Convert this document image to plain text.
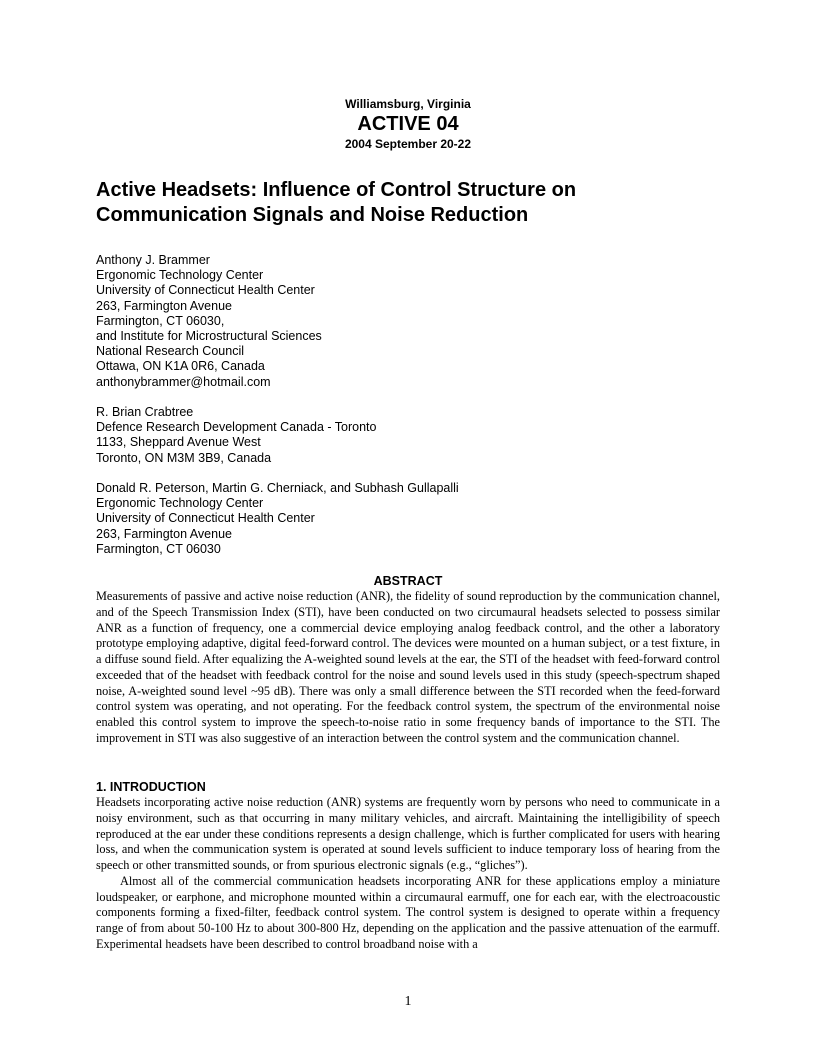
Williamsburg, Virginia
ACTIVE 04
2004 September 20-22
Active Headsets: Influence of Control Structure on
Communication Signals and Noise Reduction
Anthony J. Brammer
Ergonomic Technology Center
University of Connecticut Health Center
263, Farmington Avenue
Farmington, CT 06030,
and Institute for Microstructural Sciences
National Research Council
Ottawa, ON K1A 0R6, Canada
anthonybrammer@hotmail.com
R. Brian Crabtree
Defence Research Development Canada - Toronto
1133, Sheppard Avenue West
Toronto, ON M3M 3B9, Canada
Donald R. Peterson, Martin G. Cherniack, and Subhash Gullapalli
Ergonomic Technology Center
University of Connecticut Health Center
263, Farmington Avenue
Farmington, CT 06030
ABSTRACT
Measurements of passive and active noise reduction (ANR), the fidelity of sound reproduction by the communication channel, and of the Speech Transmission Index (STI), have been conducted on two circumaural headsets selected to possess similar ANR as a function of frequency, one a commercial device employing analog feedback control, and the other a laboratory prototype employing adaptive, digital feed-forward control. The devices were mounted on a human subject, or a test fixture, in a diffuse sound field. After equalizing the A-weighted sound levels at the ear, the STI of the headset with feed-forward control exceeded that of the headset with feedback control for the noise and sound levels used in this study (speech-spectrum shaped noise, A-weighted sound level ~95 dB). There was only a small difference between the STI recorded when the feed-forward control system was operating, and not operating. For the feedback control system, the spectrum of the environmental noise enabled this control system to improve the speech-to-noise ratio in some frequency bands of importance to the STI. The improvement in STI was also suggestive of an interaction between the control system and the communication channel.
1. INTRODUCTION

Headsets incorporating active noise reduction (ANR) systems are frequently worn by persons who need to communicate in a noisy environment, such as that occurring in many military vehicles, and aircraft. Maintaining the intelligibility of speech reproduced at the ear under these conditions represents a design challenge, which is further complicated for users with hearing loss, and when the communication system is operated at sound levels sufficient to induce temporary loss of hearing from the speech or other transmitted sounds, or from spurious electronic signals (e.g., “gliches”).

Almost all of the commercial communication headsets incorporating ANR for these applications employ a miniature loudspeaker, or earphone, and microphone mounted within a circumaural earmuff, one for each ear, with the electroacoustic components forming a fixed-filter, feedback control system. The control system is designed to operate within a frequency range of from about 50-100 Hz to about 300-800 Hz, depending on the application and the passive attenuation of the earmuff. Experimental headsets have been described to control broadband noise with a

1
